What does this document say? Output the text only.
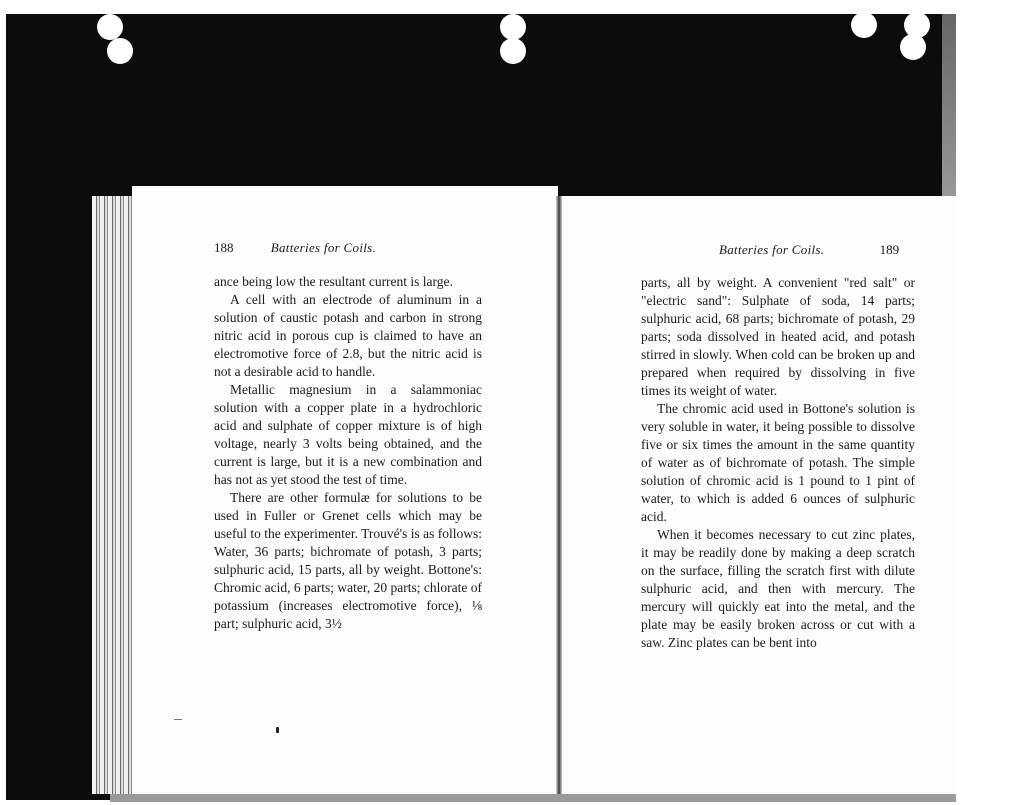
188	Batteries for Coils.	Batteries for Coils.	189

ance being low the resultant current is large.

A cell with an electrode of aluminum in a solution of caustic potash and carbon in strong nitric acid in porous cup is claimed to have an electromotive force of 2.8, but the nitric acid is not a desirable acid to handle.

Metallic magnesium in a salammoniac solution with a copper plate in a hydrochloric acid and sulphate of copper mixture is of high voltage, nearly 3 volts being obtained, and the current is large, but it is a new combination and has not as yet stood the test of time.

There are other formulæ for solutions to be used in Fuller or Grenet cells which may be useful to the experimenter. Trouvé's is as follows: Water, 36 parts; bichromate of potash, 3 parts; sulphuric acid, 15 parts, all by weight. Bottone's: Chromic acid, 6 parts; water, 20 parts; chlorate of potassium (increases electromotive force), ⅛ part; sulphuric acid, 3½

parts, all by weight. A convenient "red salt" or "electric sand": Sulphate of soda, 14 parts; sulphuric acid, 68 parts; bichromate of potash, 29 parts; soda dissolved in heated acid, and potash stirred in slowly. When cold can be broken up and prepared when required by dissolving in five times its weight of water.

The chromic acid used in Bottone's solution is very soluble in water, it being possible to dissolve five or six times the amount in the same quantity of water as of bichromate of potash. The simple solution of chromic acid is 1 pound to 1 pint of water, to which is added 6 ounces of sulphuric acid.

When it becomes necessary to cut zinc plates, it may be readily done by making a deep scratch on the surface, filling the scratch first with dilute sulphuric acid, and then with mercury. The mercury will quickly eat into the metal, and the plate may be easily broken across or cut with a saw. Zinc plates can be bent into
